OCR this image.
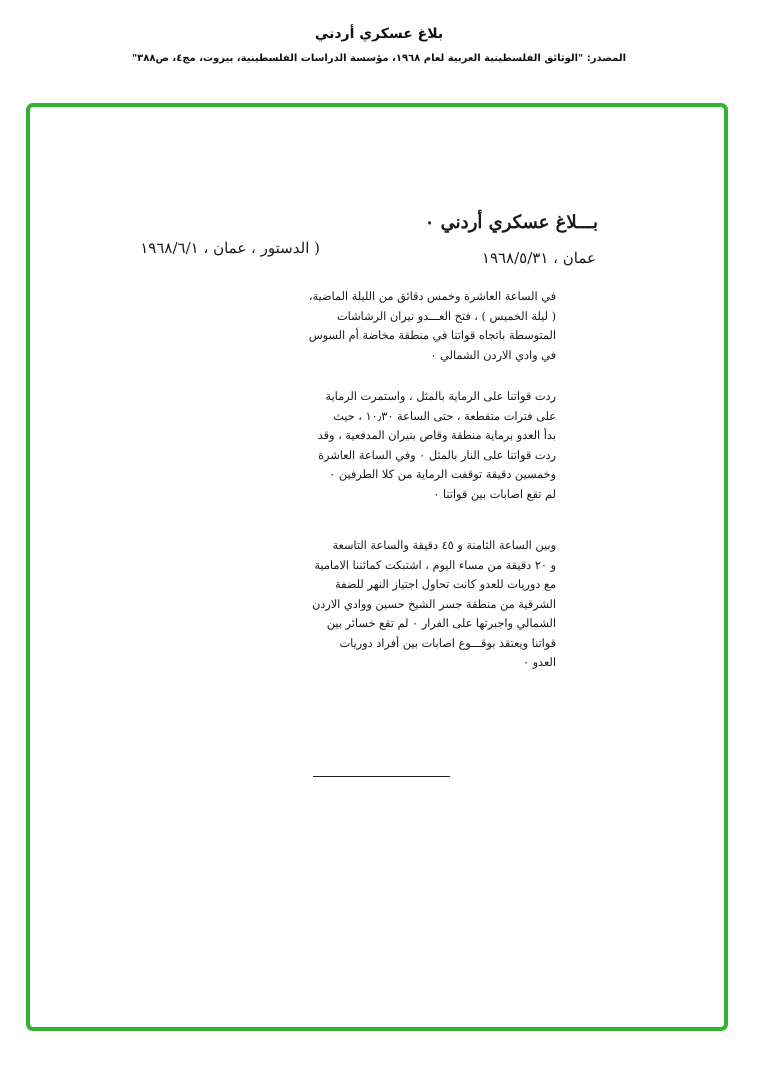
بلاغ عسكري أردني
المصدر: "الوثائق الفلسطينية العربية لعام ١٩٦٨، مؤسسة الدراسات الفلسطينية، بيروت، مج٤، ص٣٨٨"
بـــلاغ عسكري أردني ٠
عمان ، ١٩٦٨/٥/٣١
( الدستور ، عمان ، ١٩٦٨/٦/١
في الساعة العاشرة وخمس دقائق من الليلة الماضية،
( ليلة الخميس ) ، فتح العـــدو نيران الرشاشات
المتوسطة باتجاه قواتنا في منطقة مخاضة أم السوس
في وادي الاردن الشمالي ٠
ردت قواتنا على الرماية بالمثل ، واستمرت الرماية
على فترات متقطعة ، حتى الساعة ١٠٫٣٠ ، حيث
بدأ العدو برماية منطقة وقاص بنيران المدفعية ، وقد
ردت قواتنا على النار بالمثل ٠ وفي الساعة العاشرة
وخمسين دقيقة توقفت الرماية من كلا الطرفين ٠
لم تقع اصابات بين قواتنا ٠
وبين الساعة الثامنة و ٤٥ دقيقة والساعة التاسعة
و ٢٠ دقيقة من مساء اليوم ، اشتبكت كمائننا الامامية
مع دوريات للعدو كانت تحاول اجتياز النهر للضفة
الشرقية من منطقة جسر الشيخ حسين ووادي الاردن
الشمالي واجبرتها على الفرار ٠ لم تقع خسائر بين
قواتنا ويعتقد بوقـــوع اصابات بين أفراد دوريات
العدو ٠
